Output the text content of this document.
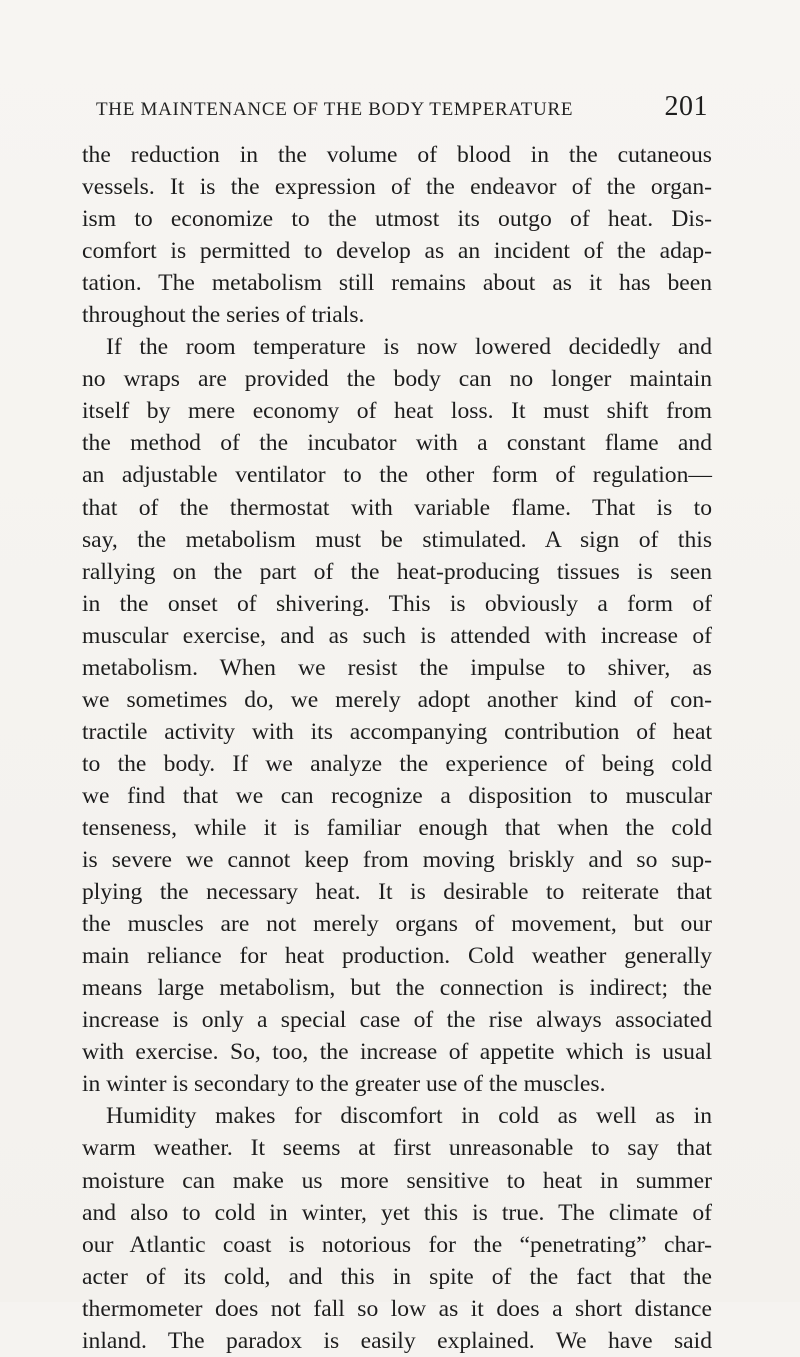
THE MAINTENANCE OF THE BODY TEMPERATURE	201
the reduction in the volume of blood in the cutaneous
vessels. It is the expression of the endeavor of the organ-
ism to economize to the utmost its outgo of heat. Dis-
comfort is permitted to develop as an incident of the adap-
tation. The metabolism still remains about as it has been
throughout the series of trials.
If the room temperature is now lowered decidedly and
no wraps are provided the body can no longer maintain
itself by mere economy of heat loss. It must shift from
the method of the incubator with a constant flame and
an adjustable ventilator to the other form of regulation—
that of the thermostat with variable flame. That is to
say, the metabolism must be stimulated. A sign of this
rallying on the part of the heat-producing tissues is seen
in the onset of shivering. This is obviously a form of
muscular exercise, and as such is attended with increase of
metabolism. When we resist the impulse to shiver, as
we sometimes do, we merely adopt another kind of con-
tractile activity with its accompanying contribution of heat
to the body. If we analyze the experience of being cold
we find that we can recognize a disposition to muscular
tenseness, while it is familiar enough that when the cold
is severe we cannot keep from moving briskly and so sup-
plying the necessary heat. It is desirable to reiterate that
the muscles are not merely organs of movement, but our
main reliance for heat production. Cold weather generally
means large metabolism, but the connection is indirect; the
increase is only a special case of the rise always associated
with exercise. So, too, the increase of appetite which is usual
in winter is secondary to the greater use of the muscles.
Humidity makes for discomfort in cold as well as in
warm weather. It seems at first unreasonable to say that
moisture can make us more sensitive to heat in summer
and also to cold in winter, yet this is true. The climate of
our Atlantic coast is notorious for the “penetrating” char-
acter of its cold, and this in spite of the fact that the
thermometer does not fall so low as it does a short distance
inland. The paradox is easily explained. We have said
